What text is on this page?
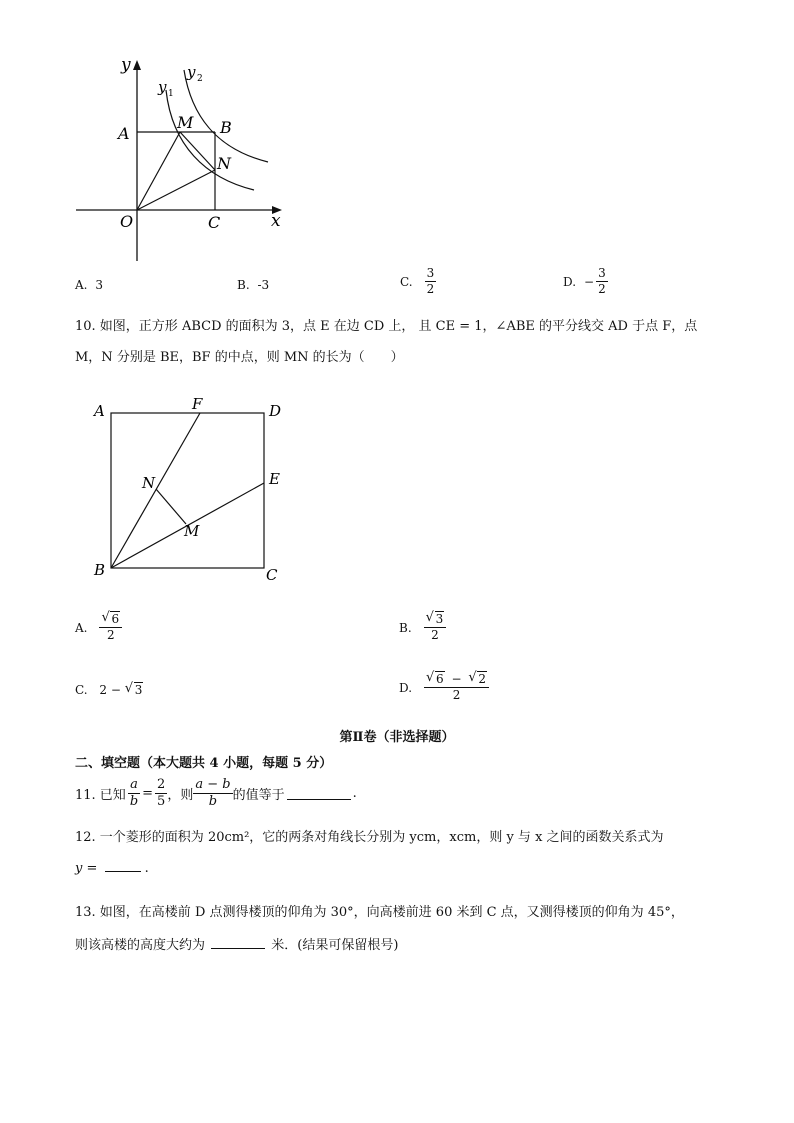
y
x
y 1
y 2
A
M B
N
O	C
A. 3	B. -3	C. $\frac{3}{2}$	D. − $\frac{3}{2}$
10. 如图，正方形 ABCD 的面积为 3，点 E 在边 CD 上， 且 CE = 1，∠ABE 的平分线交 AD 于点 F，点
M，N 分别是 BE，BF 的中点，则 MN 的长为（　　）
A	F	D
E
N
M
B	C
A. $\frac{√ 6}{2}$	B. $\frac{√ 3}{2}$
C. 2 − √ 3	D. $\frac{√ 6 - √ 2}{2}$
第Ⅱ卷（非选择题）
二、填空题（本大题共 4 小题，每题 5 分）
11. 已知 $\frac{a}{b} = \frac{2}{5}$ ，则 $\frac{a - b}{b}$ 的值等于	.
12. 一个菱形的面积为 20cm²，它的两条对角线长分别为 ycm，xcm，则 y 与 x 之间的函数关系式为
y =	.
13. 如图，在高楼前 D 点测得楼顶的仰角为 30°，向高楼前进 60 米到 C 点，又测得楼顶的仰角为 45°，
则该高楼的高度大约为	米．(结果可保留根号)
